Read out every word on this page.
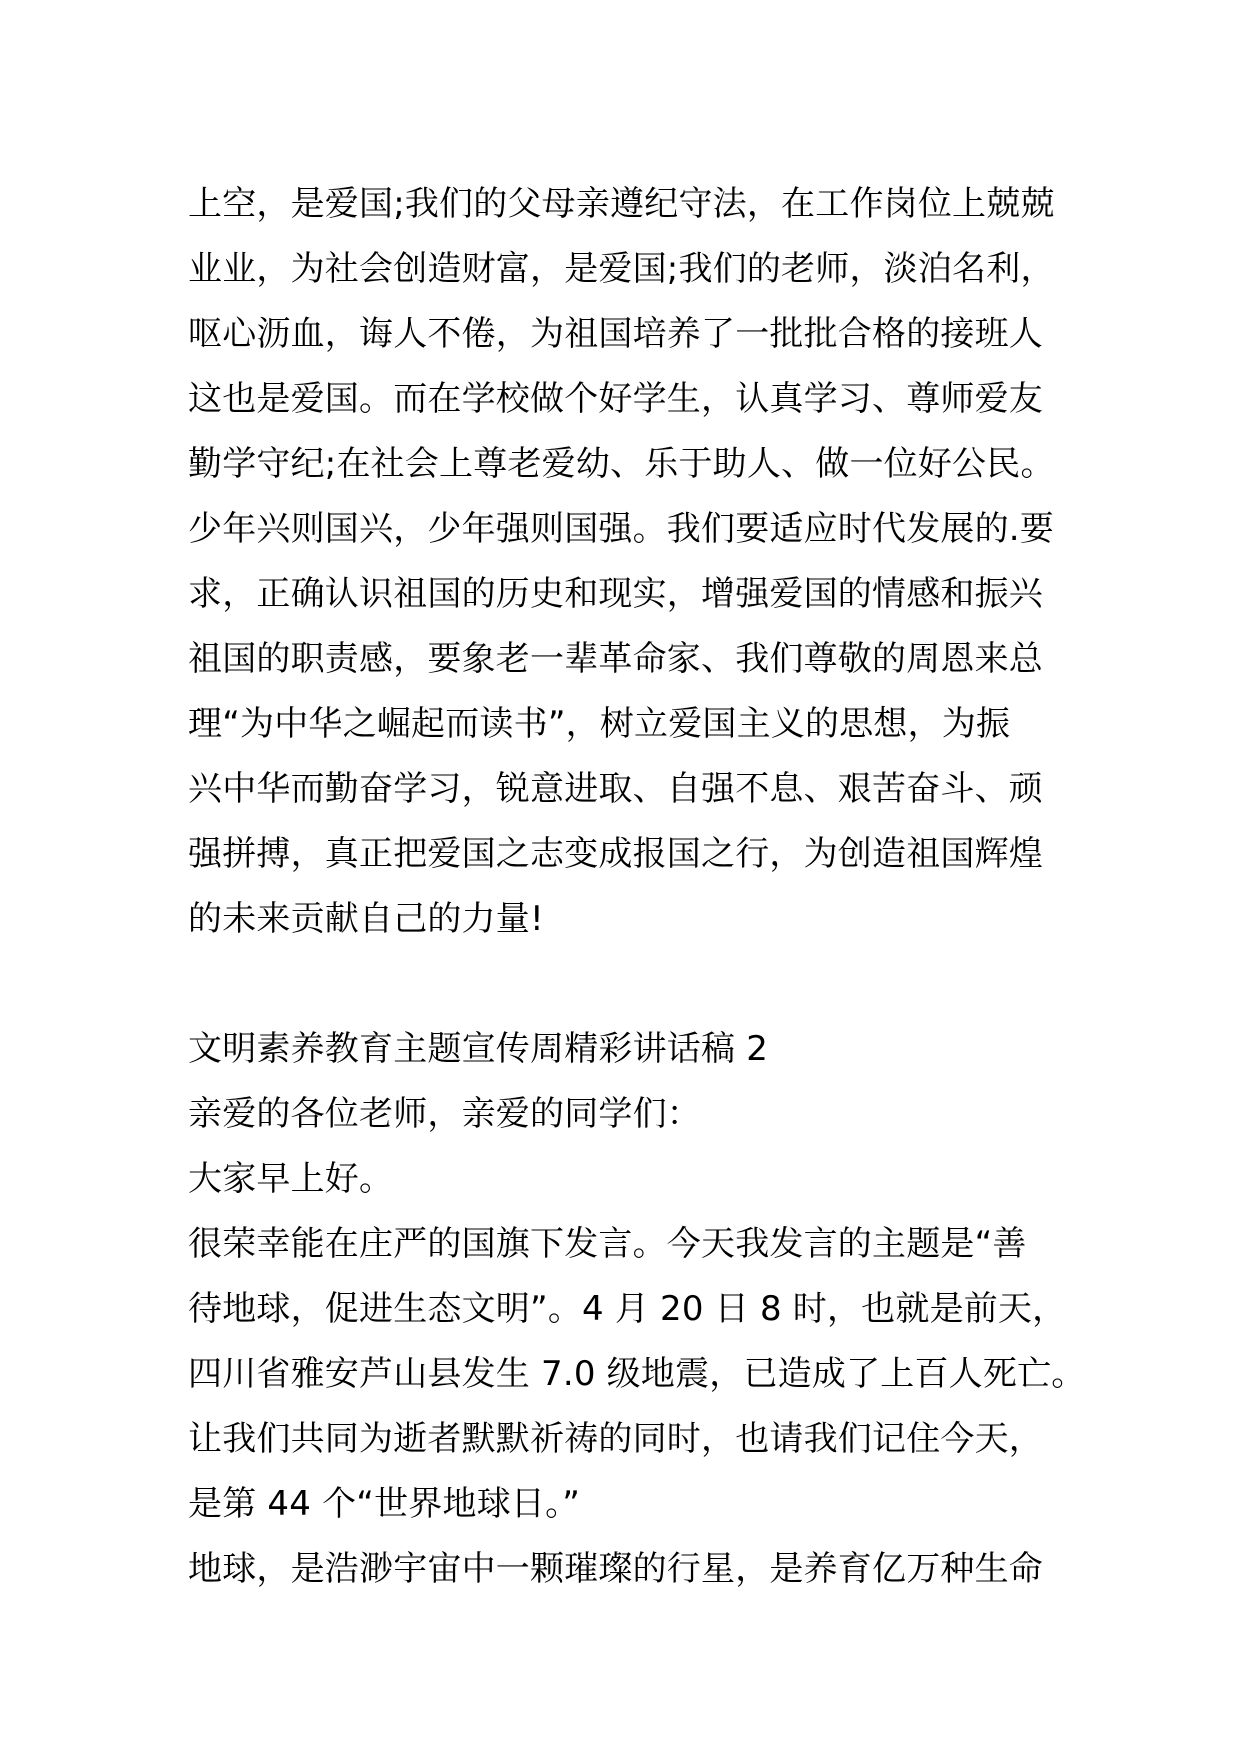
上空，是爱国;我们的父母亲遵纪守法，在工作岗位上兢兢
业业，为社会创造财富，是爱国;我们的老师，淡泊名利，
呕心沥血，诲人不倦，为祖国培养了一批批合格的接班人
这也是爱国。而在学校做个好学生，认真学习、尊师爱友
勤学守纪;在社会上尊老爱幼、乐于助人、做一位好公民。
少年兴则国兴，少年强则国强。我们要适应时代发展的.要
求，正确认识祖国的历史和现实，增强爱国的情感和振兴
祖国的职责感，要象老一辈革命家、我们尊敬的周恩来总
理“为中华之崛起而读书”，树立爱国主义的思想，为振
兴中华而勤奋学习，锐意进取、自强不息、艰苦奋斗、顽
强拼搏，真正把爱国之志变成报国之行，为创造祖国辉煌
的未来贡献自己的力量!
文明素养教育主题宣传周精彩讲话稿 2
亲爱的各位老师，亲爱的同学们：
大家早上好。
很荣幸能在庄严的国旗下发言。今天我发言的主题是“善
待地球，促进生态文明”。4 月 20 日 8 时，也就是前天，
四川省雅安芦山县发生 7.0 级地震，已造成了上百人死亡。
让我们共同为逝者默默祈祷的同时，也请我们记住今天，
是第 44 个“世界地球日。”
地球，是浩渺宇宙中一颗璀璨的行星，是养育亿万种生命
